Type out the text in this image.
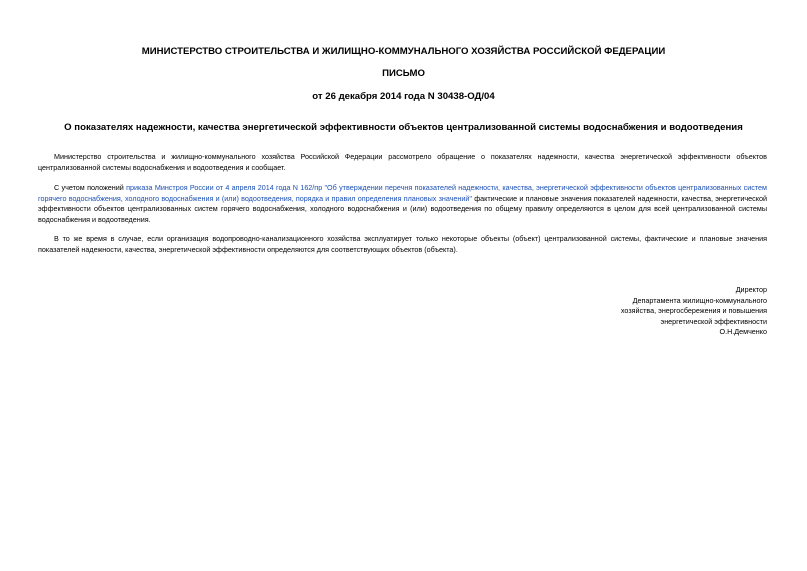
МИНИСТЕРСТВО СТРОИТЕЛЬСТВА И ЖИЛИЩНО-КОММУНАЛЬНОГО ХОЗЯЙСТВА РОССИЙСКОЙ ФЕДЕРАЦИИ
ПИСЬМО
от 26 декабря 2014 года N 30438-ОД/04
О показателях надежности, качества энергетической эффективности объектов централизованной системы водоснабжения и водоотведения

Министерство строительства и жилищно-коммунального хозяйства Российской Федерации рассмотрело обращение о показателях надежности, качества энергетической эффективности объектов централизованной системы водоснабжения и водоотведения и сообщает.

С учетом положений приказа Минстроя России от 4 апреля 2014 года N 162/пр "Об утверждении перечня показателей надежности, качества, энергетической эффективности объектов централизованных систем горячего водоснабжения, холодного водоснабжения и (или) водоотведения, порядка и правил определения плановых значений" фактические и плановые значения показателей надежности, качества, энергетической эффективности объектов централизованных систем горячего водоснабжения, холодного водоснабжения и (или) водоотведения по общему правилу определяются в целом для всей централизованной системы водоснабжения и водоотведения.

В то же время в случае, если организация водопроводно-канализационного хозяйства эксплуатирует только некоторые объекты (объект) централизованной системы, фактические и плановые значения показателей надежности, качества, энергетической эффективности определяются для соответствующих объектов (объекта).

Директор
Департамента жилищно-коммунального
хозяйства, энергосбережения и повышения
энергетической эффективности
О.Н.Демченко
